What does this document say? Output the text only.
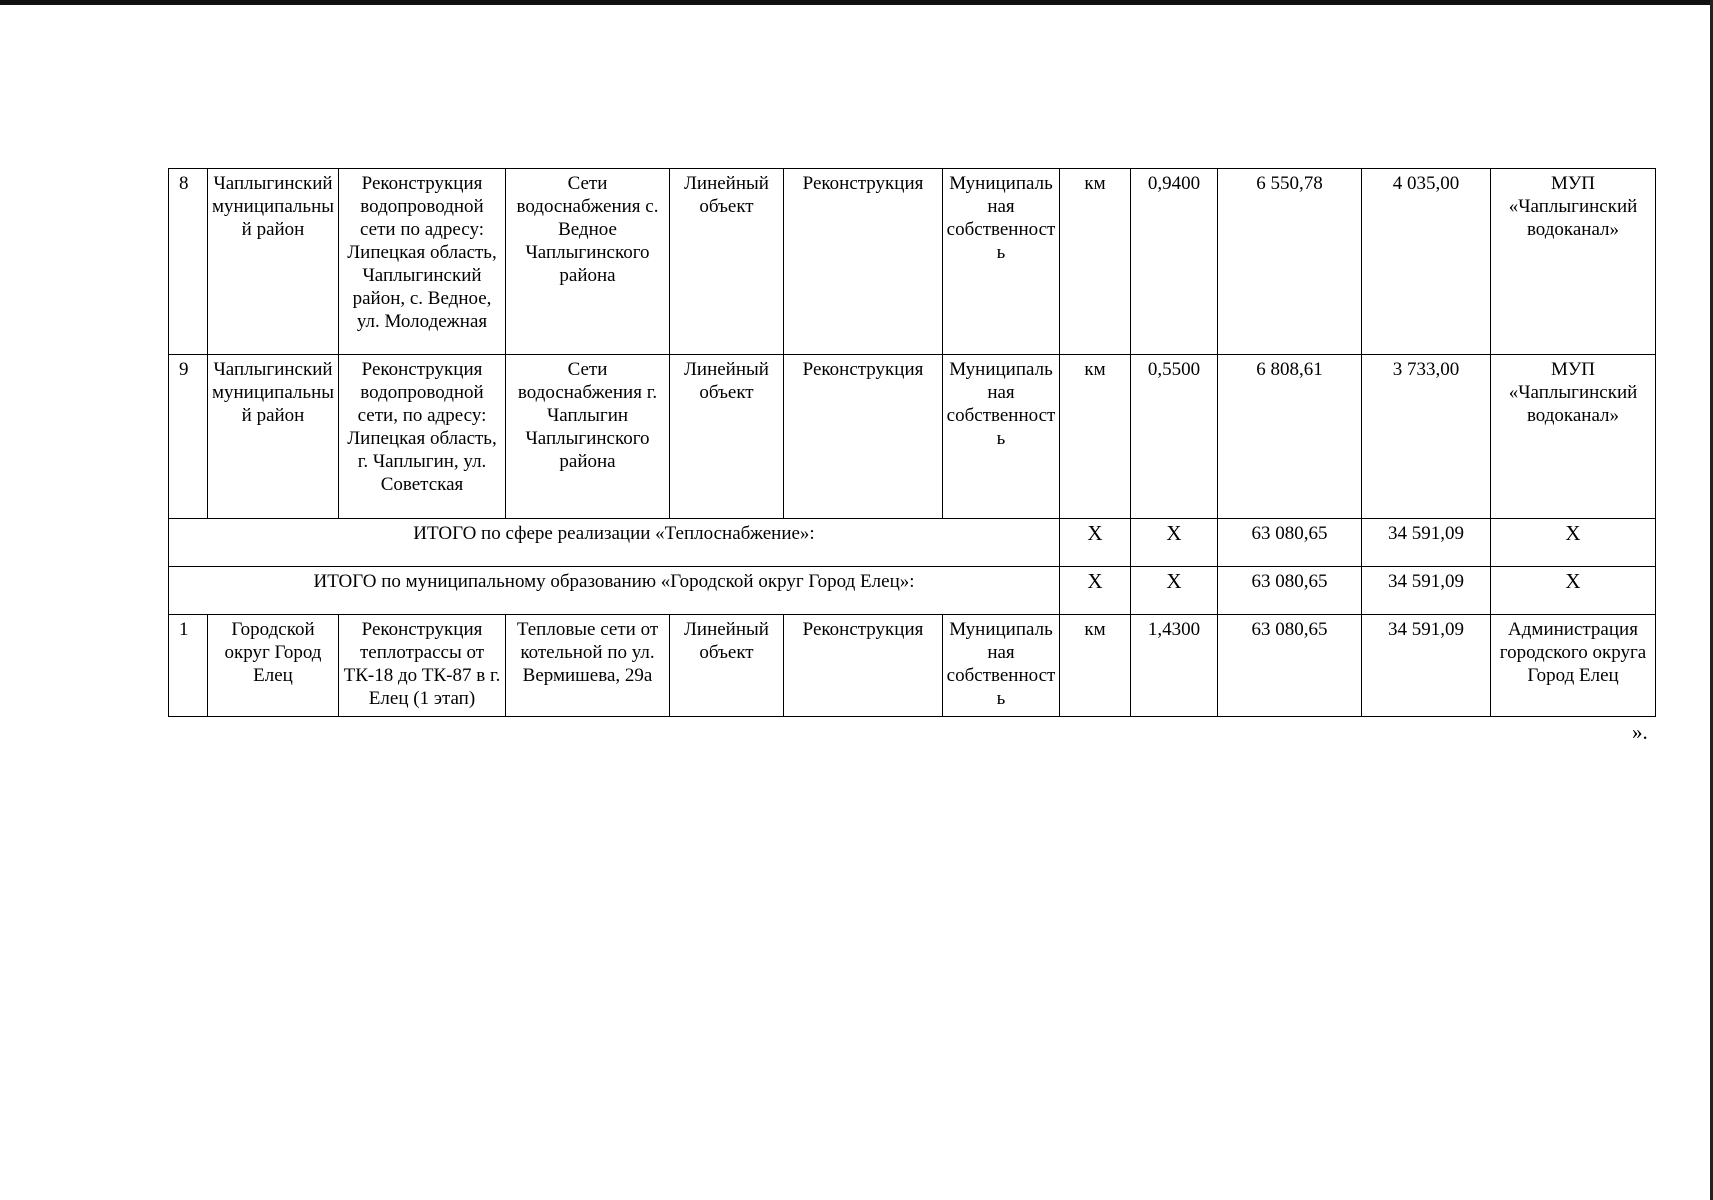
8	Чаплыгинский муниципальный район	Реконструкция водопроводной сети по адресу: Липецкая область, Чаплыгинский район, с. Ведное, ул. Молодежная	Сети водоснабжения с. Ведное Чаплыгинского района	Линейный объект	Реконструкция	Муниципальная собственность	км	0,9400	6 550,78	4 035,00	МУП «Чаплыгинский водоканал»
9	Чаплыгинский муниципальный район	Реконструкция водопроводной сети, по адресу: Липецкая область, г. Чаплыгин, ул. Советская	Сети водоснабжения г. Чаплыгин Чаплыгинского района	Линейный объект	Реконструкция	Муниципальная собственность	км	0,5500	6 808,61	3 733,00	МУП «Чаплыгинский водоканал»
ИТОГО по сфере реализации «Теплоснабжение»:							X	X	63 080,65	34 591,09	X
ИТОГО по муниципальному образованию «Городской округ Город Елец»:							X	X	63 080,65	34 591,09	X
1	Городской округ Город Елец	Реконструкция теплотрассы от ТК-18 до ТК-87 в г. Елец (1 этап)	Тепловые сети от котельной по ул. Вермишева, 29а	Линейный объект	Реконструкция	Муниципальная собственность	км	1,4300	63 080,65	34 591,09	Администрация городского округа Город Елец
».
